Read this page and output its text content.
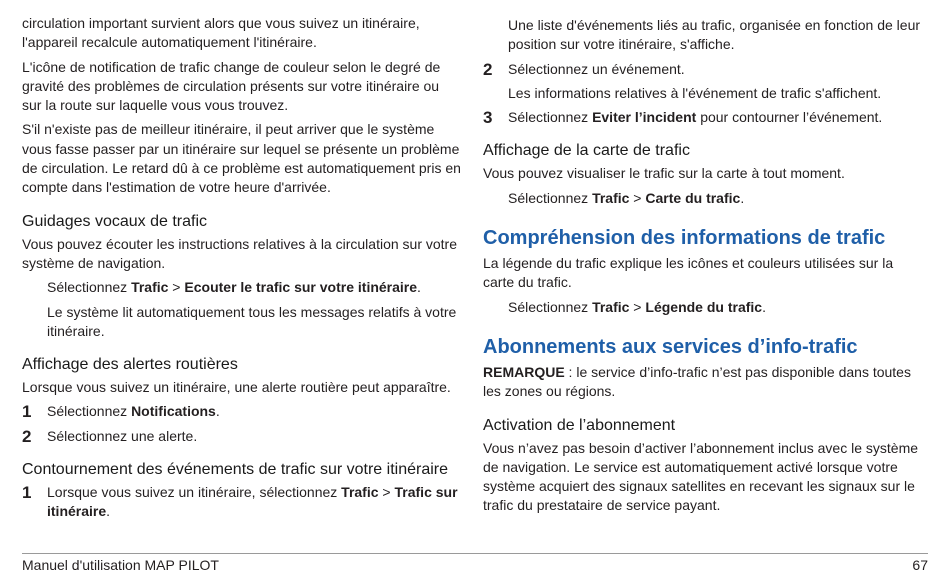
circulation important survient alors que vous suivez un itinéraire, l'appareil recalcule automatiquement l'itinéraire.

L'icône de notification de trafic change de couleur selon le degré de gravité des problèmes de circulation présents sur votre itinéraire ou sur la route sur laquelle vous vous trouvez.

S'il n'existe pas de meilleur itinéraire, il peut arriver que le système vous fasse passer par un itinéraire sur lequel se présente un problème de circulation. Le retard dû à ce problème est automatiquement pris en compte dans l'estimation de votre heure d'arrivée.

Guidages vocaux de trafic

Vous pouvez écouter les instructions relatives à la circulation sur votre système de navigation.

Sélectionnez Trafic > Ecouter le trafic sur votre itinéraire.

Le système lit automatiquement tous les messages relatifs à votre itinéraire.

Affichage des alertes routières

Lorsque vous suivez un itinéraire, une alerte routière peut apparaître.

1	Sélectionnez Notifications.
2	Sélectionnez une alerte.
Contournement des événements de trafic sur votre itinéraire
1	Lorsque vous suivez un itinéraire, sélectionnez Trafic > Trafic sur itinéraire.

Une liste d'événements liés au trafic, organisée en fonction de leur position sur votre itinéraire, s'affiche.

2	Sélectionnez un événement.

Les informations relatives à l'événement de trafic s'affichent.

3	Sélectionnez Eviter l’incident pour contourner l’événement.
Affichage de la carte de trafic

Vous pouvez visualiser le trafic sur la carte à tout moment.

Sélectionnez Trafic > Carte du trafic.

Compréhension des informations de trafic

La légende du trafic explique les icônes et couleurs utilisées sur la carte du trafic.

Sélectionnez Trafic > Légende du trafic.

Abonnements aux services d’info-trafic

REMARQUE : le service d’info-trafic n’est pas disponible dans toutes les zones ou régions.

Activation de l’abonnement

Vous n’avez pas besoin d’activer l’abonnement inclus avec le système de navigation. Le service est automatiquement activé lorsque votre système acquiert des signaux satellites en recevant les signaux sur le trafic du prestataire de service payant.

Manuel d'utilisation MAP PILOT	67
